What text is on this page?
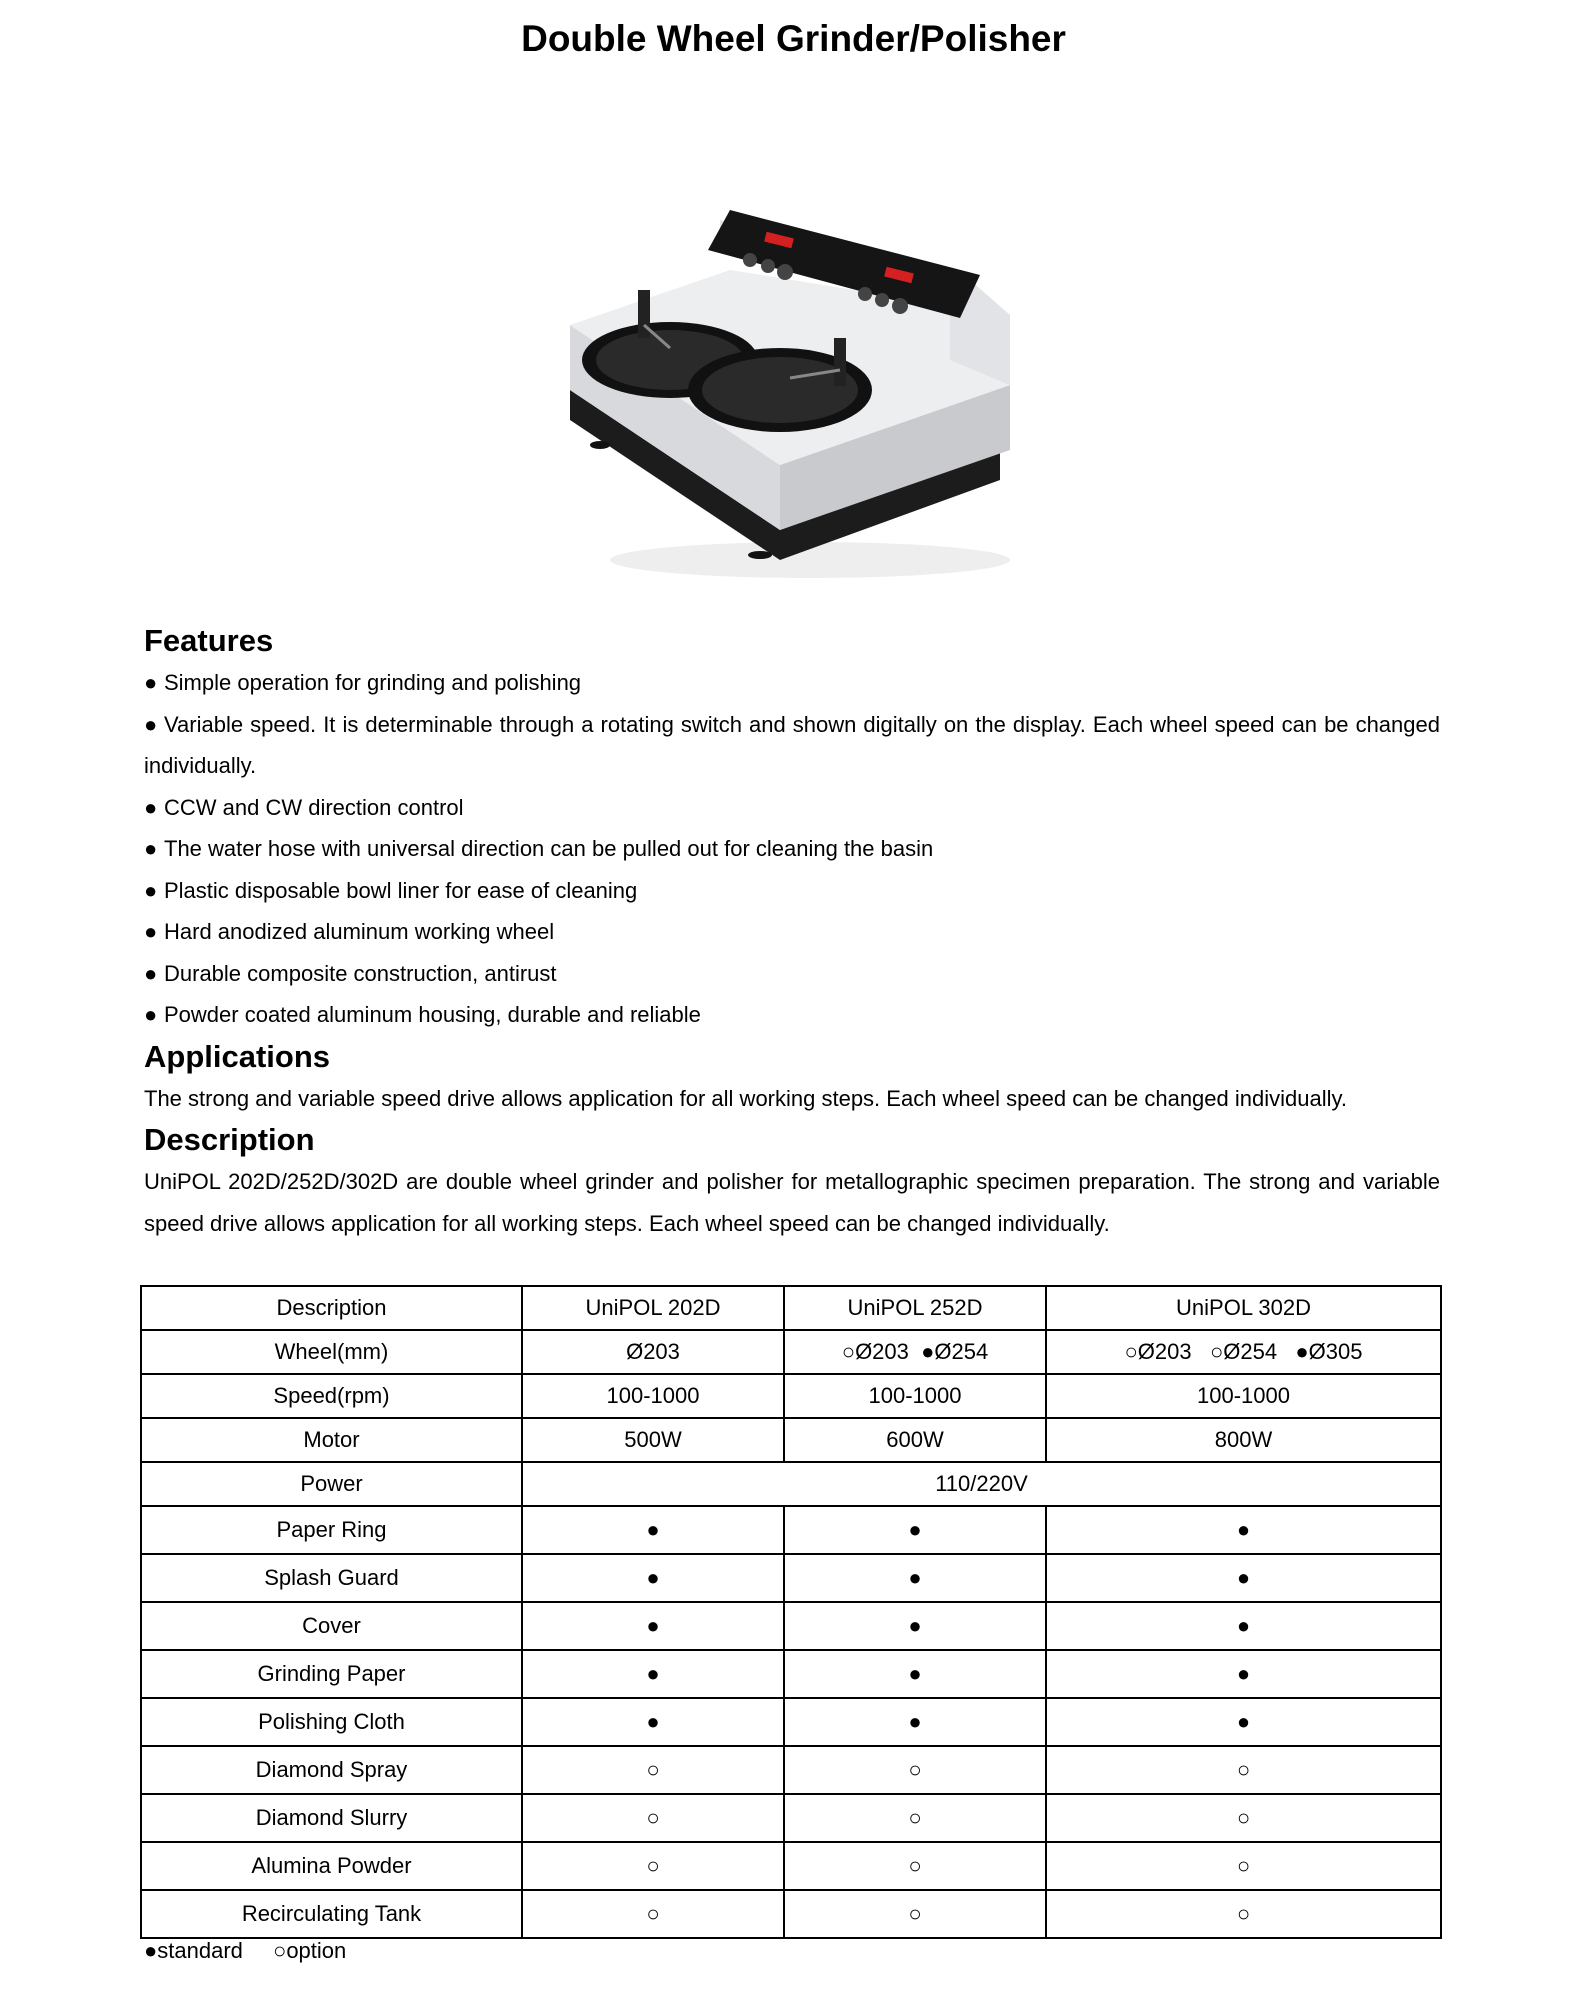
Double Wheel Grinder/Polisher
Features
● Simple operation for grinding and polishing
● Variable speed. It is determinable through a rotating switch and shown digitally on the display. Each wheel speed can be changed individually.
● CCW and CW direction control
● The water hose with universal direction can be pulled out for cleaning the basin
● Plastic disposable bowl liner for ease of cleaning
● Hard anodized aluminum working wheel
● Durable composite construction, antirust
● Powder coated aluminum housing, durable and reliable
Applications

The strong and variable speed drive allows application for all working steps. Each wheel speed can be changed individually.

Description

UniPOL 202D/252D/302D are double wheel grinder and polisher for metallographic specimen preparation. The strong and variable speed drive allows application for all working steps. Each wheel speed can be changed individually.

Description	UniPOL 202D	UniPOL 252D	UniPOL 302D
Wheel(mm)	Ø203	○Ø203  ●Ø254	○Ø203   ○Ø254   ●Ø305
Speed(rpm)	100-1000	100-1000	100-1000
Motor	500W	600W	800W
Power	110/220V		
Paper Ring	●	●	●
Splash Guard	●	●	●
Cover	●	●	●
Grinding Paper	●	●	●
Polishing Cloth	●	●	●
Diamond Spray	○	○	○
Diamond Slurry	○	○	○
Alumina Powder	○	○	○
Recirculating Tank	○	○	○
●standard ○option
